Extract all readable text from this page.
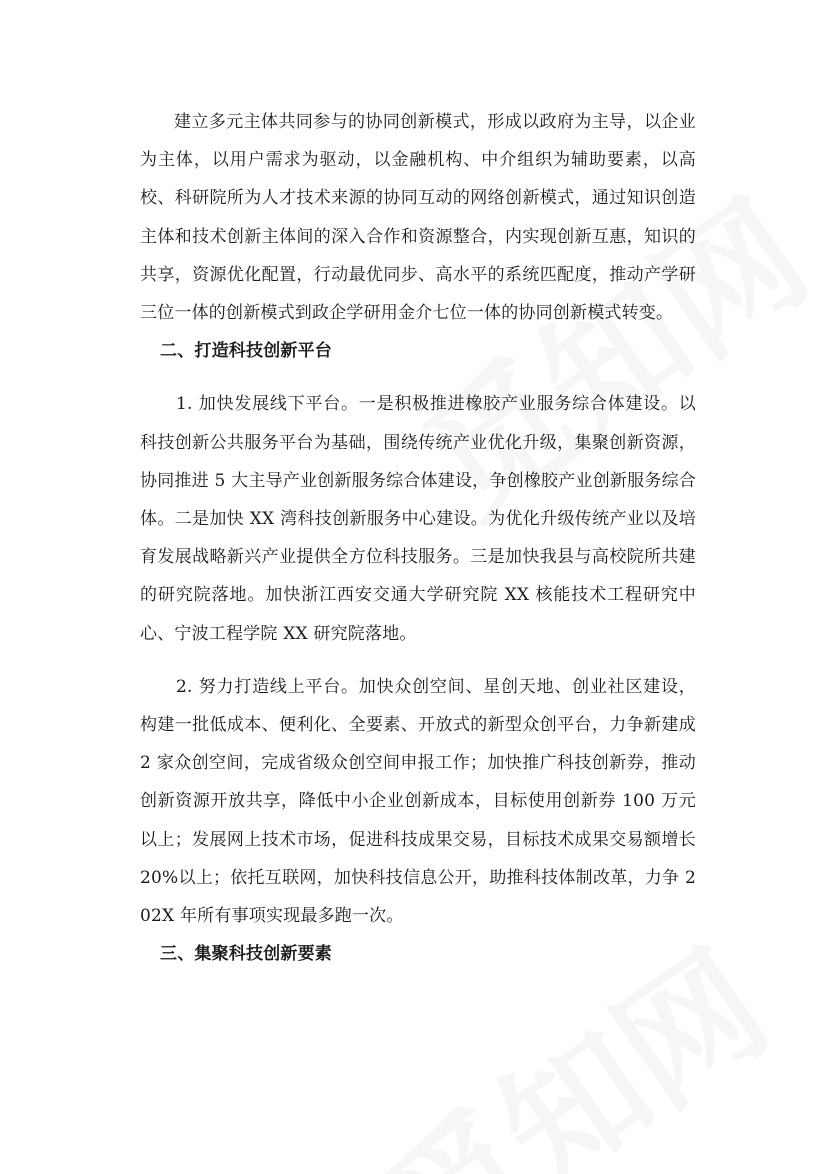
建立多元主体共同参与的协同创新模式，形成以政府为主导，以企业为主体，以用户需求为驱动，以金融机构、中介组织为辅助要素，以高校、科研院所为人才技术来源的协同互动的网络创新模式，通过知识创造主体和技术创新主体间的深入合作和资源整合，内实现创新互惠，知识的共享，资源优化配置，行动最优同步、高水平的系统匹配度，推动产学研三位一体的创新模式到政企学研用金介七位一体的协同创新模式转变。

二、打造科技创新平台

1. 加快发展线下平台。一是积极推进橡胶产业服务综合体建设。以科技创新公共服务平台为基础，围绕传统产业优化升级，集聚创新资源，协同推进 5 大主导产业创新服务综合体建设，争创橡胶产业创新服务综合体。二是加快 XX 湾科技创新服务中心建设。为优化升级传统产业以及培育发展战略新兴产业提供全方位科技服务。三是加快我县与高校院所共建的研究院落地。加快浙江西安交通大学研究院 XX 核能技术工程研究中心、宁波工程学院 XX 研究院落地。

2. 努力打造线上平台。加快众创空间、星创天地、创业社区建设，构建一批低成本、便利化、全要素、开放式的新型众创平台，力争新建成 2 家众创空间，完成省级众创空间申报工作；加快推广科技创新券，推动创新资源开放共享，降低中小企业创新成本，目标使用创新券 100 万元以上；发展网上技术市场，促进科技成果交易，目标技术成果交易额增长 20%以上；依托互联网，加快科技信息公开，助推科技体制改革，力争 202X 年所有事项实现最多跑一次。

三、集聚科技创新要素
